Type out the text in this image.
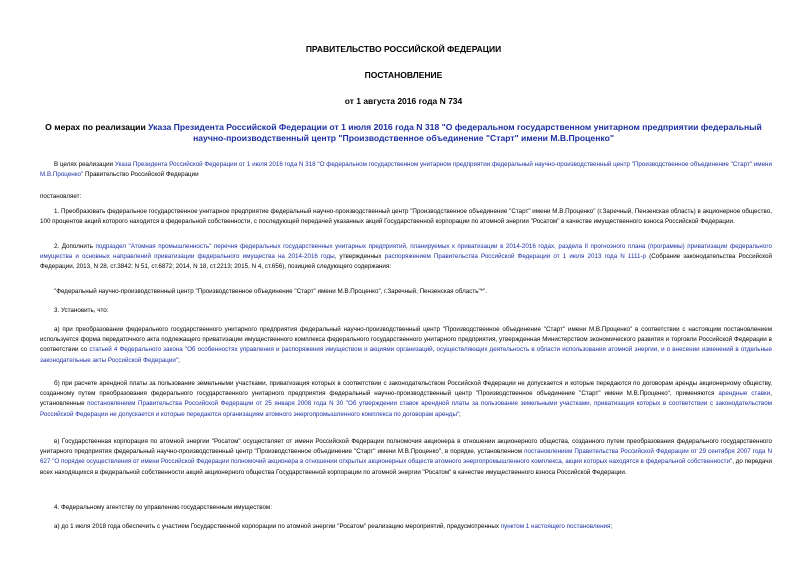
ПРАВИТЕЛЬСТВО РОССИЙСКОЙ ФЕДЕРАЦИИ
ПОСТАНОВЛЕНИЕ
от 1 августа 2016 года N 734
О мерах по реализации Указа Президента Российской Федерации от 1 июля 2016 года N 318 "О федеральном государственном унитарном предприятии федеральный научно-производственный центр "Производственное объединение "Старт" имени М.В.Проценко"
В целях реализации Указа Президента Российской Федерации от 1 июля 2016 года N 318 "О федеральном государственном унитарном предприятии федеральный научно-производственный центр "Производственное объединение "Старт" имени М.В.Проценко" Правительство Российской Федерации
постановляет:
1. Преобразовать федеральное государственное унитарное предприятие федеральный научно-производственный центр "Производственное объединение "Старт" имени М.В.Проценко" (г.Заречный, Пензенская область) в акционерное общество, 100 процентов акций которого находится в федеральной собственности, с последующей передачей указанных акций Государственной корпорации по атомной энергии "Росатом" в качестве имущественного взноса Российской Федерации.
2. Дополнить подраздел "Атомная промышленность" перечня федеральных государственных унитарных предприятий, планируемых к приватизации в 2014-2016 годах, раздела II прогнозного плана (программы) приватизации федерального имущества и основных направлений приватизации федерального имущества на 2014-2016 годы, утвержденных распоряжением Правительства Российской Федерации от 1 июля 2013 года N 1111-р (Собрание законодательства Российской Федерации, 2013, N 28, ст.3842; N 51, ст.6872; 2014, N 18, ст.2213; 2015, N 4, ст.656), позицией следующего содержания:
"Федеральный научно-производственный центр "Производственное объединение "Старт" имени М.В.Проценко", г.Заречный, Пензенская область"*".
3. Установить, что:
а) при преобразовании федерального государственного унитарного предприятия федеральный научно-производственный центр "Производственное объединение "Старт" имени М.В.Проценко" в соответствии с настоящим постановлением используется форма передаточного акта подлежащего приватизации имущественного комплекса федерального государственного унитарного предприятия, утвержденная Министерством экономического развития и торговли Российской Федерации в соответствии со статьей 4 Федерального закона "Об особенностях управления и распоряжения имуществом и акциями организаций, осуществляющих деятельность в области использования атомной энергии, и о внесении изменений в отдельные законодательные акты Российской Федерации";
б) при расчете арендной платы за пользование земельными участками, приватизация которых в соответствии с законодательством Российской Федерации не допускается и которые передаются по договорам аренды акционерному обществу, созданному путем преобразования федерального государственного унитарного предприятия федеральный научно-производственный центр "Производственное объединение "Старт" имени М.В.Проценко", применяются арендные ставки, установленные постановлением Правительства Российской Федерации от 25 января 2008 года N 30 "Об утверждении ставок арендной платы за пользование земельными участками, приватизация которых в соответствии с законодательством Российской Федерации не допускается и которые передаются организациям атомного энергопромышленного комплекса по договорам аренды";
в) Государственная корпорация по атомной энергии "Росатом" осуществляет от имени Российской Федерации полномочия акционера в отношении акционерного общества, созданного путем преобразования федерального государственного унитарного предприятия федеральный научно-производственный центр "Производственное объединение "Старт" имени М.В.Проценко", в порядке, установленном постановлением Правительства Российской Федерации от 29 сентября 2007 года N 627 "О порядке осуществления от имени Российской Федерации полномочий акционера в отношении открытых акционерных обществ атомного энергопромышленного комплекса, акции которых находятся в федеральной собственности", до передачи всех находящихся в федеральной собственности акций акционерного общества Государственной корпорации по атомной энергии "Росатом" в качестве имущественного взноса Российской Федерации.
4. Федеральному агентству по управлению государственным имуществом:
а) до 1 июля 2018 года обеспечить с участием Государственной корпорации по атомной энергии "Росатом" реализацию мероприятий, предусмотренных пунктом 1 настоящего постановления;
